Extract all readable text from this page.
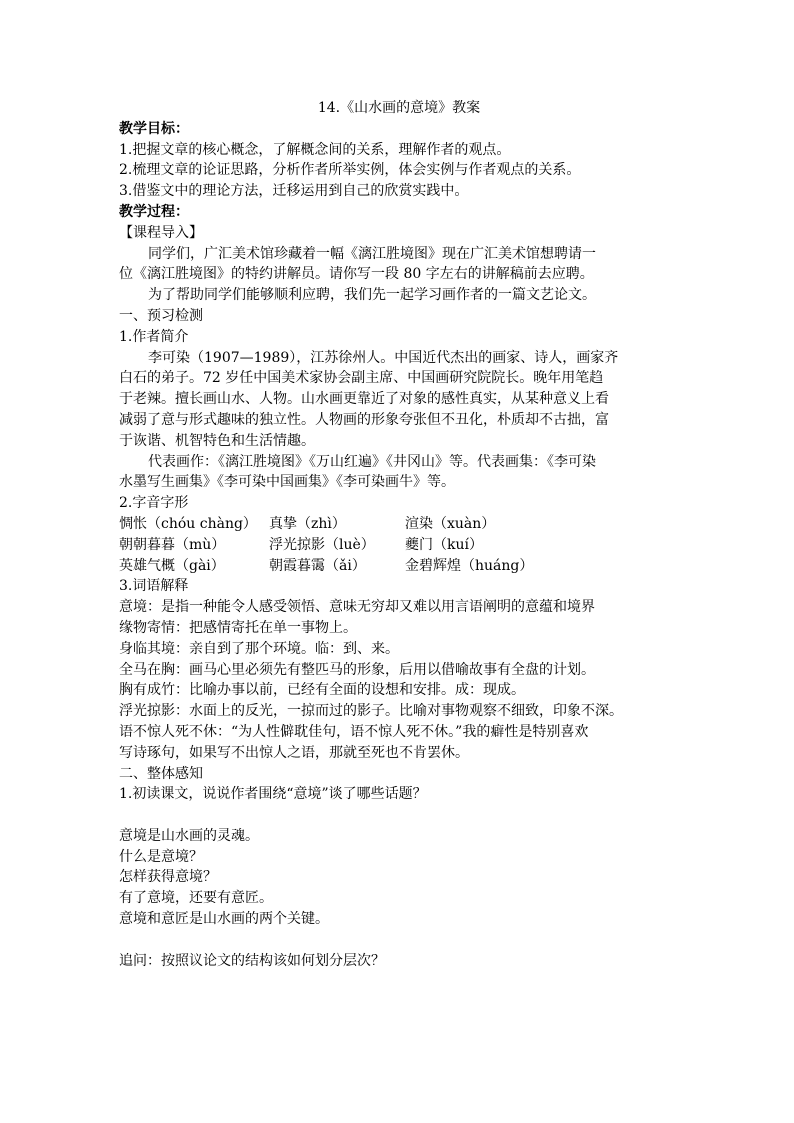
14.《山水画的意境》教案
教学目标：
1.把握文章的核心概念，了解概念间的关系，理解作者的观点。
2.梳理文章的论证思路，分析作者所举实例，体会实例与作者观点的关系。
3.借鉴文中的理论方法，迁移运用到自己的欣赏实践中。
教学过程：
【课程导入】
同学们，广汇美术馆珍藏着一幅《漓江胜境图》现在广汇美术馆想聘请一
位《漓江胜境图》的特约讲解员。请你写一段 80 字左右的讲解稿前去应聘。
为了帮助同学们能够顺利应聘，我们先一起学习画作者的一篇文艺论文。
一、预习检测
1.作者简介
李可染（1907—1989），江苏徐州人。中国近代杰出的画家、诗人，画家齐
白石的弟子。72 岁任中国美术家协会副主席、中国画研究院院长。晚年用笔趋
于老辣。擅长画山水、人物。山水画更靠近了对象的感性真实，从某种意义上看
减弱了意与形式趣味的独立性。人物画的形象夸张但不丑化，朴质却不古拙，富
于诙谐、机智特色和生活情趣。
代表画作：《漓江胜境图》《万山红遍》《井冈山》等。代表画集：《李可染
水墨写生画集》《李可染中国画集》《李可染画牛》等。
2.字音字形
惆怅（chóu chàng） 真挚（zhì）	渲染（xuàn）
朝朝暮暮（mù）	浮光掠影（luè）	夔门（kuí）
英雄气概（gài）	朝霞暮霭（ǎi）	金碧辉煌（huáng）
3.词语解释
意境：是指一种能令人感受领悟、意味无穷却又难以用言语阐明的意蕴和境界
缘物寄情：把感情寄托在单一事物上。
身临其境：亲自到了那个环境。临：到、来。
全马在胸：画马心里必须先有整匹马的形象，后用以借喻故事有全盘的计划。
胸有成竹：比喻办事以前，已经有全面的设想和安排。成：现成。
浮光掠影：水面上的反光，一掠而过的影子。比喻对事物观察不细致，印象不深。
语不惊人死不休：“为人性僻耽佳句，语不惊人死不休。”我的癖性是特别喜欢
写诗琢句，如果写不出惊人之语，那就至死也不肯罢休。
二、整体感知
1.初读课文，说说作者围绕“意境”谈了哪些话题？
意境是山水画的灵魂。
什么是意境？
怎样获得意境？
有了意境，还要有意匠。
意境和意匠是山水画的两个关键。
追问：按照议论文的结构该如何划分层次？
